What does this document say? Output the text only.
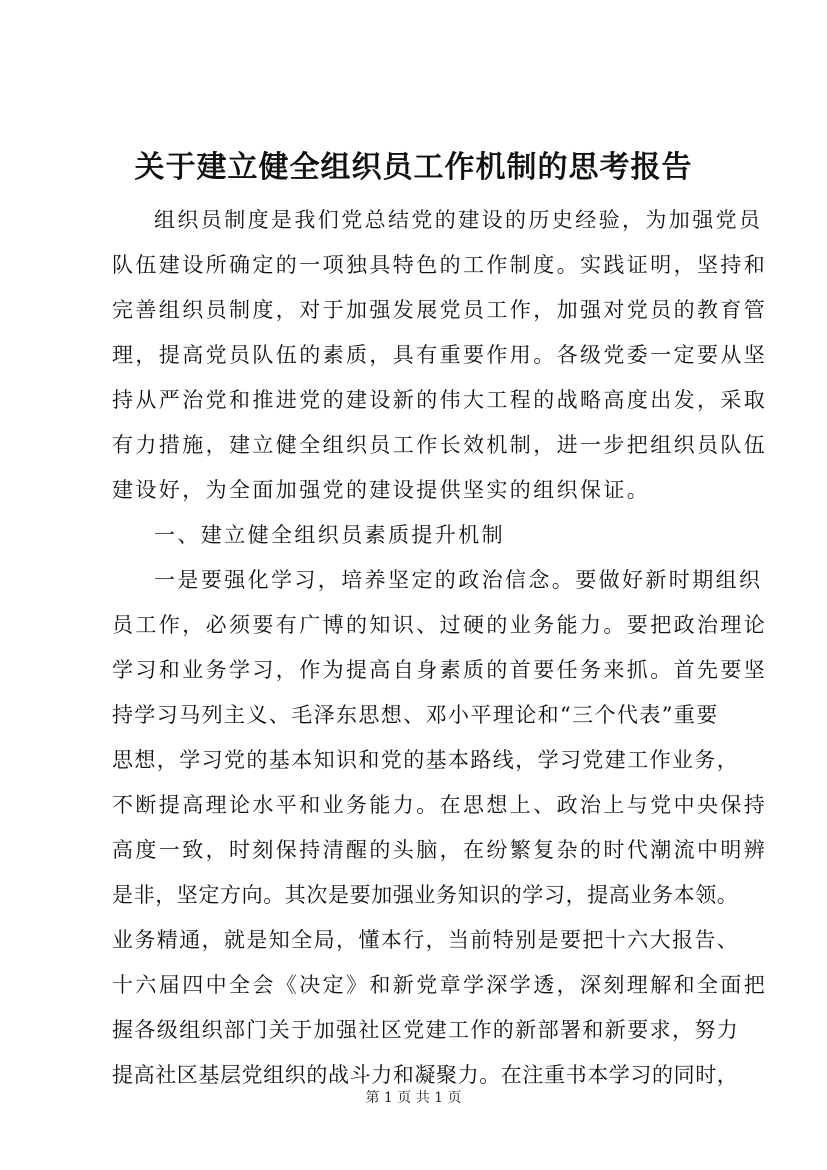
关于建立健全组织员工作机制的思考报告
组织员制度是我们党总结党的建设的历史经验，为加强党员
队伍建设所确定的一项独具特色的工作制度。实践证明，坚持和
完善组织员制度，对于加强发展党员工作，加强对党员的教育管
理，提高党员队伍的素质，具有重要作用。各级党委一定要从坚
持从严治党和推进党的建设新的伟大工程的战略高度出发，采取
有力措施，建立健全组织员工作长效机制，进一步把组织员队伍
建设好，为全面加强党的建设提供坚实的组织保证。
一、建立健全组织员素质提升机制
一是要强化学习，培养坚定的政治信念。要做好新时期组织
员工作，必须要有广博的知识、过硬的业务能力。要把政治理论
学习和业务学习，作为提高自身素质的首要任务来抓。首先要坚
持学习马列主义、毛泽东思想、邓小平理论和“三个代表”重要
思想，学习党的基本知识和党的基本路线，学习党建工作业务，
不断提高理论水平和业务能力。在思想上、政治上与党中央保持
高度一致，时刻保持清醒的头脑，在纷繁复杂的时代潮流中明辨
是非，坚定方向。其次是要加强业务知识的学习，提高业务本领。
业务精通，就是知全局，懂本行，当前特别是要把十六大报告、
十六届四中全会《决定》和新党章学深学透，深刻理解和全面把
握各级组织部门关于加强社区党建工作的新部署和新要求，努力
提高社区基层党组织的战斗力和凝聚力。在注重书本学习的同时，
第 1 页 共 1 页
